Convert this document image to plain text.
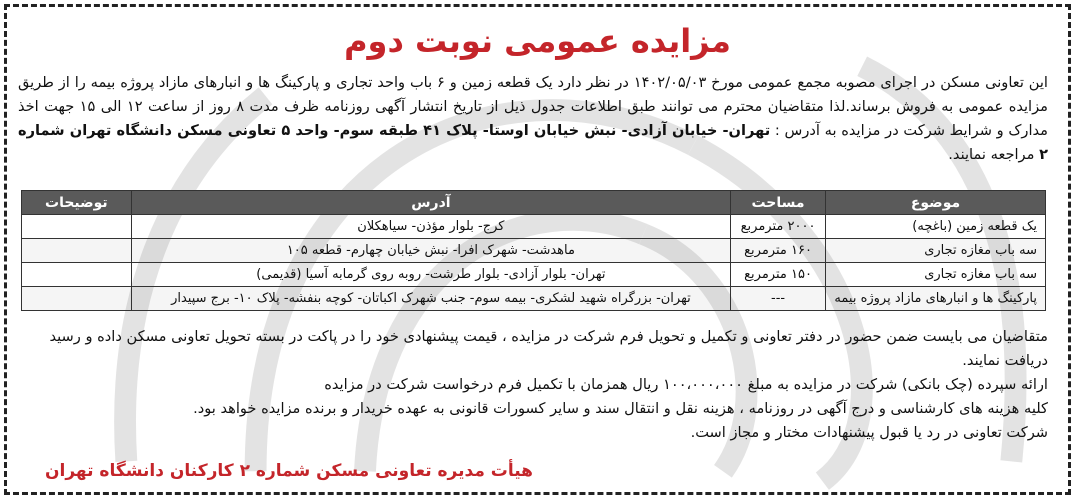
مزایده عمومی نوبت دوم

این تعاونی مسکن در اجرای مصوبه مجمع عمومی مورخ ۱۴۰۲/۰۵/۰۳ در نظر دارد یک قطعه زمین و ۶ باب واحد تجاری و پارکینگ ها و انبارهای مازاد پروژه بیمه را از طریق مزایده عمومی به فروش برساند.لذا متقاضیان محترم می توانند طبق اطلاعات جدول ذیل از تاریخ انتشار آگهی روزنامه ظرف مدت ۸ روز از ساعت ۱۲ الی ۱۵ جهت اخذ مدارک و شرایط شرکت در مزایده به آدرس : تهران- خیابان آزادی- نبش خیابان اوستا- پلاک ۴۱ طبقه سوم- واحد ۵ تعاونی مسکن دانشگاه تهران شماره ۲ مراجعه نمایند.

موضوع	مساحت	آدرس	توضیحات
یک قطعه زمین (باغچه)	۲۰۰۰ مترمربع	کرج- بلوار مؤذن- سیاهکلان	
سه باب مغازه تجاری	۱۶۰ مترمربع	ماهدشت- شهرک افرا- نبش خیابان چهارم- قطعه ۱۰۵	
سه باب مغازه تجاری	۱۵۰ مترمربع	تهران- بلوار آزادی- بلوار طرشت- روبه روی گرمابه آسیا (قدیمی)	
پارکینگ ها و انبارهای مازاد پروژه بیمه	---	تهران- بزرگراه شهید لشکری- بیمه سوم- جنب شهرک اکباتان- کوچه بنفشه- پلاک ۱۰- برج سپیدار	

متقاضیان می بایست ضمن حضور در دفتر تعاونی و تکمیل و تحویل فرم شرکت در مزایده ، قیمت پیشنهادی خود را در پاکت در بسته تحویل تعاونی مسکن داده و رسید دریافت نمایند.

ارائه سپرده (چک بانکی) شرکت در مزایده به مبلغ ۱۰۰،۰۰۰،۰۰۰ ریال همزمان با تکمیل فرم درخواست شرکت در مزایده

کلیه هزینه های کارشناسی و درج آگهی در روزنامه ، هزینه نقل و انتقال سند و سایر کسورات قانونی به عهده خریدار و برنده مزایده خواهد بود.

شرکت تعاونی در رد یا قبول پیشنهادات مختار و مجاز است.

هیأت مدیره تعاونی مسکن شماره ۲ کارکنان دانشگاه تهران
